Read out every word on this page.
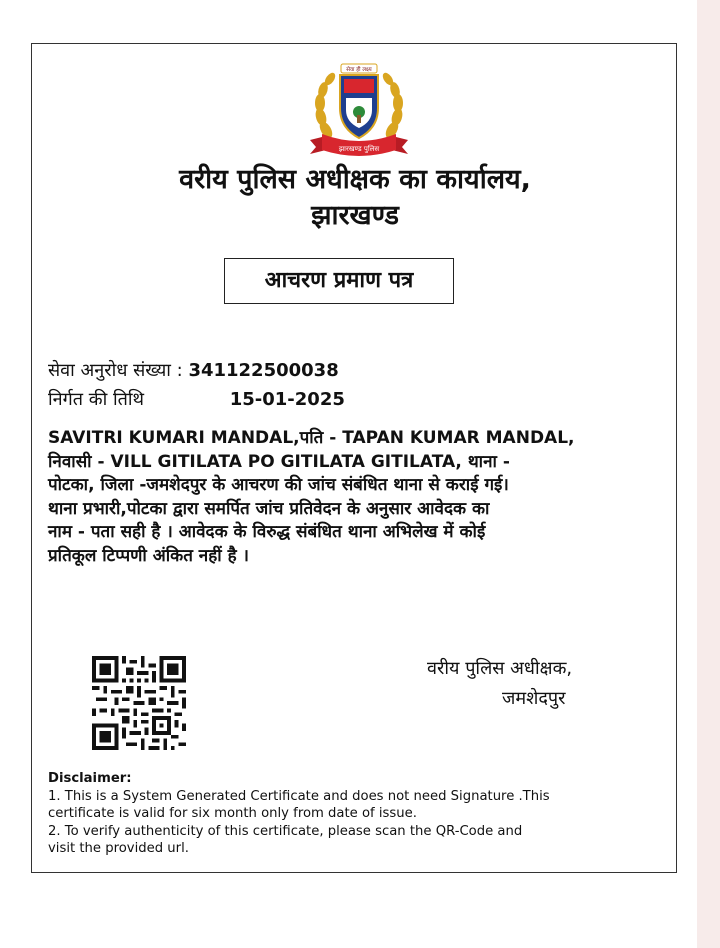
सेवा ही लक्ष्य
झारखण्ड पुलिस
वरीय पुलिस अधीक्षक का कार्यालय,
झारखण्ड
आचरण प्रमाण पत्र
सेवा अनुरोध संख्या : 341122500038
निर्गत की तिथि	15-01-2025
SAVITRI KUMARI MANDAL,पति - TAPAN KUMAR MANDAL,
निवासी - VILL GITILATA PO GITILATA GITILATA, थाना -
पोटका, जिला -जमशेदपुर के आचरण की जांच संबंधित थाना से कराई गई।
थाना प्रभारी,पोटका द्वारा समर्पित जांच प्रतिवेदन के अनुसार आवेदक का
नाम - पता सही है । आवेदक के विरुद्ध संबंधित थाना अभिलेख में कोई
प्रतिकूल टिप्पणी अंकित नहीं है ।
वरीय पुलिस अधीक्षक,
जमशेदपुर
Disclaimer:
1. This is a System Generated Certificate and does not need Signature .This
certificate is valid for six month only from date of issue.
2. To verify authenticity of this certificate, please scan the QR-Code and
visit the provided url.
